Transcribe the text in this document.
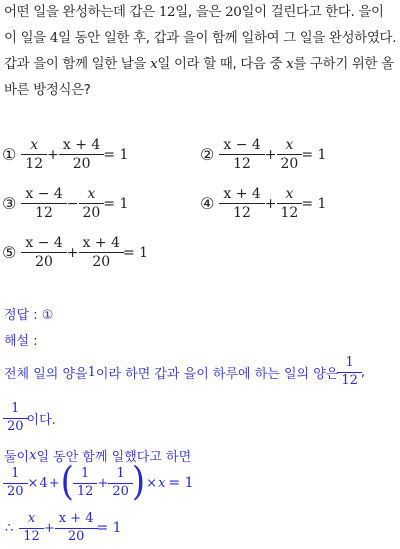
어떤 일을 완성하는데 갑은 12일, 을은 20일이 걸린다고 한다. 을이 이 일을 4일 동안 일한 후, 갑과 을이 함께 일하여 그 일을 완성하였다. 갑과 을이 함께 일한 날을 x일 이라 할 때, 다음 중 x를 구하기 위한 올바른 방정식은?
① $\frac{x}{12} + \frac{x + 4}{20} = 1$	② $\frac{x - 4}{12} + \frac{x}{20} = 1$
③ $\frac{x - 4}{12} - \frac{x}{20} = 1$	④ $\frac{x + 4}{12} + \frac{x}{12} = 1$
⑤ $\frac{x - 4}{20} + \frac{x + 4}{20} = 1$
정답 : ①
해설 :
전체 일의 양을 1 이라 하면 갑과 을이 하루에 하는 일의 양은 $\frac{1}{12}$ ,
$\frac{1}{20}$ 이다.
둘이 x 일 동안 함께 일했다고 하면
$\frac{1}{20} \times 4$ + ( $\frac{1}{12} + \frac{1}{20}$ ) × x = 1
∴ $\frac{x}{12} + \frac{x + 4}{20} = 1$
